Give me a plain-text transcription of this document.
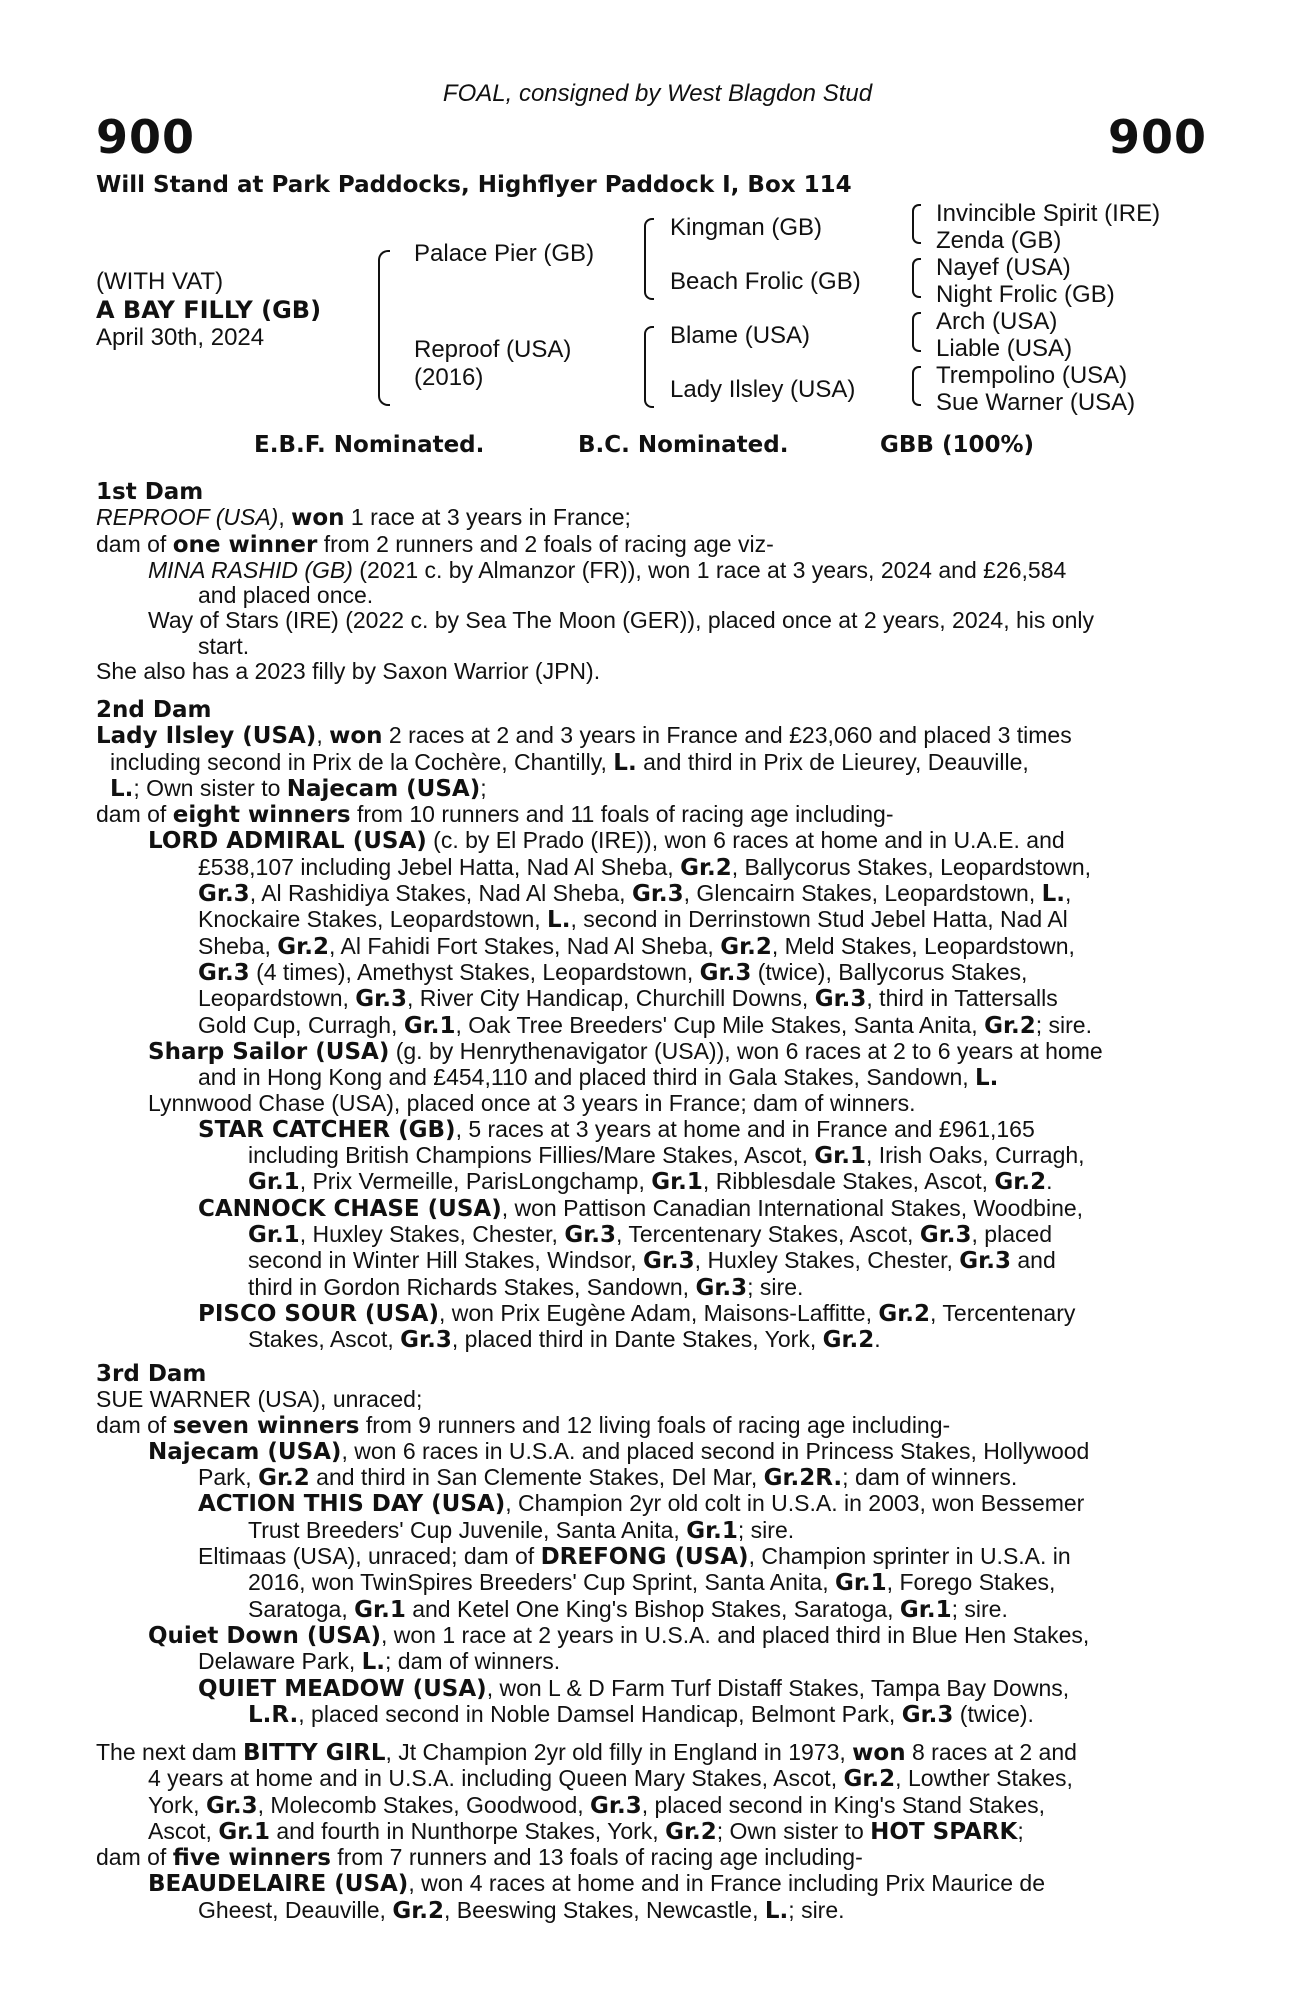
FOAL, consigned by West Blagdon Stud
900	900
Will Stand at Park Paddocks, Highflyer Paddock I, Box 114
(WITH VAT)
A BAY FILLY (GB)
April 30th, 2024
Palace Pier (GB)
Reproof (USA)
(2016)
Kingman (GB)
Beach Frolic (GB)
Blame (USA)
Lady Ilsley (USA)
Invincible Spirit (IRE)
Zenda (GB)
Nayef (USA)
Night Frolic (GB)
Arch (USA)
Liable (USA)
Trempolino (USA)
Sue Warner (USA)
E.B.F. Nominated.	B.C. Nominated.	GBB (100%)

1st Dam

REPROOF (USA), won 1 race at 3 years in France;

dam of one winner from 2 runners and 2 foals of racing age viz-

MINA RASHID (GB) (2021 c. by Almanzor (FR)), won 1 race at 3 years, 2024 and £26,584

and placed once.

Way of Stars (IRE) (2022 c. by Sea The Moon (GER)), placed once at 2 years, 2024, his only

start.

She also has a 2023 filly by Saxon Warrior (JPN).

2nd Dam

Lady Ilsley (USA), won 2 races at 2 and 3 years in France and £23,060 and placed 3 times

including second in Prix de la Cochère, Chantilly, L. and third in Prix de Lieurey, Deauville,

L.; Own sister to Najecam (USA);

dam of eight winners from 10 runners and 11 foals of racing age including-

LORD ADMIRAL (USA) (c. by El Prado (IRE)), won 6 races at home and in U.A.E. and

£538,107 including Jebel Hatta, Nad Al Sheba, Gr.2, Ballycorus Stakes, Leopardstown,

Gr.3, Al Rashidiya Stakes, Nad Al Sheba, Gr.3, Glencairn Stakes, Leopardstown, L.,

Knockaire Stakes, Leopardstown, L., second in Derrinstown Stud Jebel Hatta, Nad Al

Sheba, Gr.2, Al Fahidi Fort Stakes, Nad Al Sheba, Gr.2, Meld Stakes, Leopardstown,

Gr.3 (4 times), Amethyst Stakes, Leopardstown, Gr.3 (twice), Ballycorus Stakes,

Leopardstown, Gr.3, River City Handicap, Churchill Downs, Gr.3, third in Tattersalls

Gold Cup, Curragh, Gr.1, Oak Tree Breeders' Cup Mile Stakes, Santa Anita, Gr.2; sire.

Sharp Sailor (USA) (g. by Henrythenavigator (USA)), won 6 races at 2 to 6 years at home

and in Hong Kong and £454,110 and placed third in Gala Stakes, Sandown, L.

Lynnwood Chase (USA), placed once at 3 years in France; dam of winners.

STAR CATCHER (GB), 5 races at 3 years at home and in France and £961,165

including British Champions Fillies/Mare Stakes, Ascot, Gr.1, Irish Oaks, Curragh,

Gr.1, Prix Vermeille, ParisLongchamp, Gr.1, Ribblesdale Stakes, Ascot, Gr.2.

CANNOCK CHASE (USA), won Pattison Canadian International Stakes, Woodbine,

Gr.1, Huxley Stakes, Chester, Gr.3, Tercentenary Stakes, Ascot, Gr.3, placed

second in Winter Hill Stakes, Windsor, Gr.3, Huxley Stakes, Chester, Gr.3 and

third in Gordon Richards Stakes, Sandown, Gr.3; sire.

PISCO SOUR (USA), won Prix Eugène Adam, Maisons-Laffitte, Gr.2, Tercentenary

Stakes, Ascot, Gr.3, placed third in Dante Stakes, York, Gr.2.

3rd Dam

SUE WARNER (USA), unraced;

dam of seven winners from 9 runners and 12 living foals of racing age including-

Najecam (USA), won 6 races in U.S.A. and placed second in Princess Stakes, Hollywood

Park, Gr.2 and third in San Clemente Stakes, Del Mar, Gr.2R.; dam of winners.

ACTION THIS DAY (USA), Champion 2yr old colt in U.S.A. in 2003, won Bessemer

Trust Breeders' Cup Juvenile, Santa Anita, Gr.1; sire.

Eltimaas (USA), unraced; dam of DREFONG (USA), Champion sprinter in U.S.A. in

2016, won TwinSpires Breeders' Cup Sprint, Santa Anita, Gr.1, Forego Stakes,

Saratoga, Gr.1 and Ketel One King's Bishop Stakes, Saratoga, Gr.1; sire.

Quiet Down (USA), won 1 race at 2 years in U.S.A. and placed third in Blue Hen Stakes,

Delaware Park, L.; dam of winners.

QUIET MEADOW (USA), won L & D Farm Turf Distaff Stakes, Tampa Bay Downs,

L.R., placed second in Noble Damsel Handicap, Belmont Park, Gr.3 (twice).

The next dam BITTY GIRL, Jt Champion 2yr old filly in England in 1973, won 8 races at 2 and

4 years at home and in U.S.A. including Queen Mary Stakes, Ascot, Gr.2, Lowther Stakes,

York, Gr.3, Molecomb Stakes, Goodwood, Gr.3, placed second in King's Stand Stakes,

Ascot, Gr.1 and fourth in Nunthorpe Stakes, York, Gr.2; Own sister to HOT SPARK;

dam of five winners from 7 runners and 13 foals of racing age including-

BEAUDELAIRE (USA), won 4 races at home and in France including Prix Maurice de

Gheest, Deauville, Gr.2, Beeswing Stakes, Newcastle, L.; sire.
